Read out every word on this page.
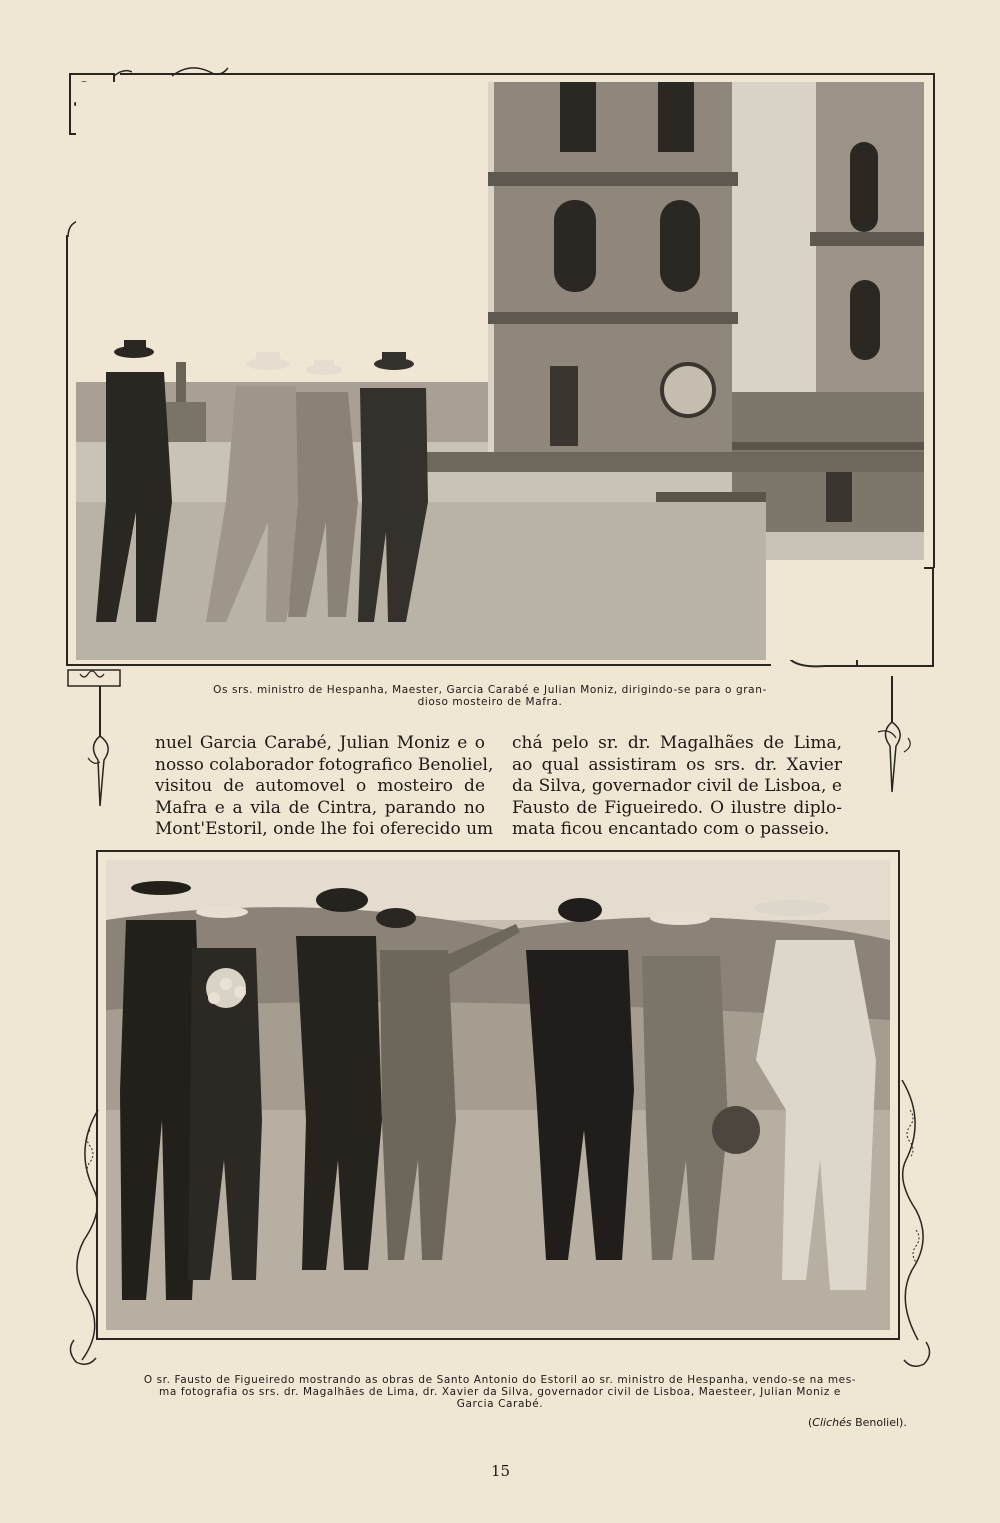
Os srs. ministro de Hespanha, Maester, Garcia Carabé e Julian Moniz, dirigindo-se para o gran-
dioso mosteiro de Mafra.
nuel Garcia Carabé, Julian Moniz e o
nosso colaborador fotografico Benoliel,
visitou de automovel o mosteiro de
Mafra e a vila de Cintra, parando no
Mont'Estoril, onde lhe foi oferecido um
chá pelo sr. dr. Magalhães de Lima,
ao qual assistiram os srs. dr. Xavier
da Silva, governador civil de Lisboa, e
Fausto de Figueiredo. O ilustre diplo-
mata ficou encantado com o passeio.
O sr. Fausto de Figueiredo mostrando as obras de Santo Antonio do Estoril ao sr. ministro de Hespanha, vendo-se na mes-
ma fotografia os srs. dr. Magalhães de Lima, dr. Xavier da Silva, governador civil de Lisboa, Maesteer, Julian Moniz e
Garcia Carabé.
(Clichés Benoliel).
15
